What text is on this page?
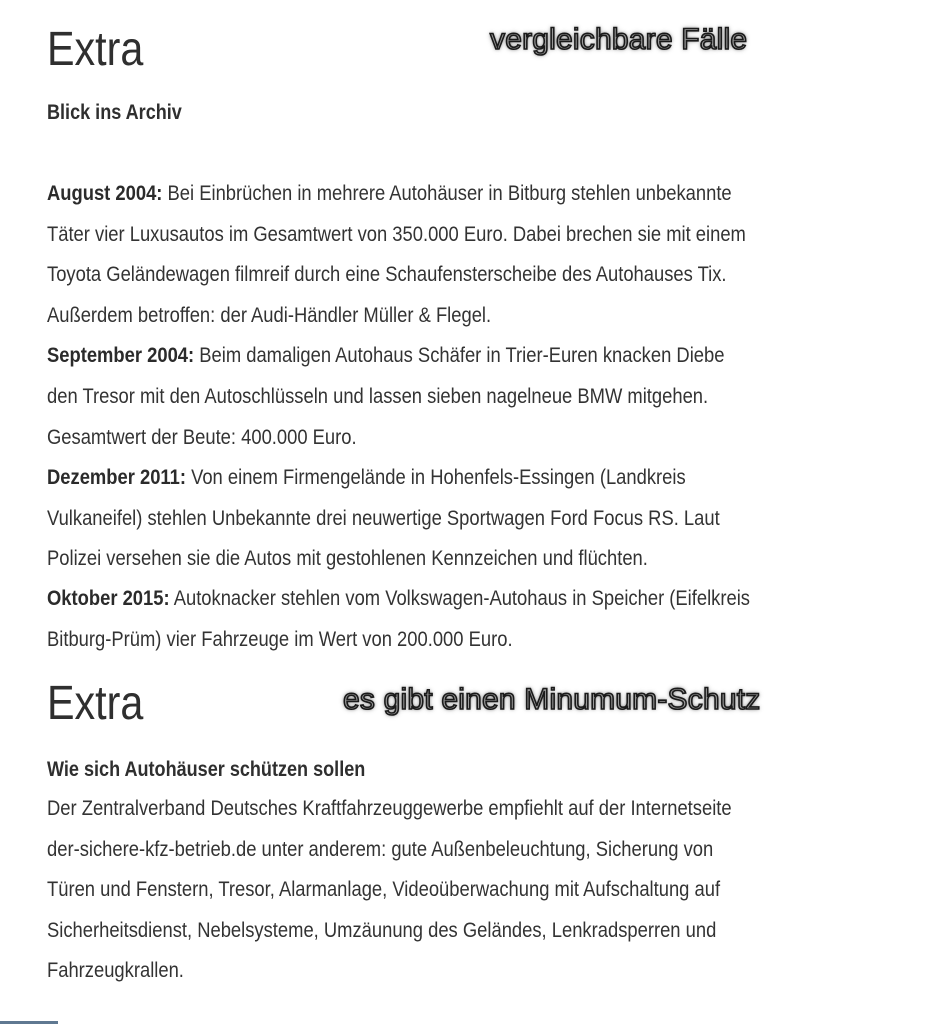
Extra
Blick ins Archiv
August 2004: Bei Einbrüchen in mehrere Autohäuser in Bitburg stehlen unbekannte
Täter vier Luxusautos im Gesamtwert von 350.000 Euro. Dabei brechen sie mit einem
Toyota Geländewagen filmreif durch eine Schaufensterscheibe des Autohauses Tix.
Außerdem betroffen: der Audi-Händler Müller & Flegel.
September 2004: Beim damaligen Autohaus Schäfer in Trier-Euren knacken Diebe
den Tresor mit den Autoschlüsseln und lassen sieben nagelneue BMW mitgehen.
Gesamtwert der Beute: 400.000 Euro.
Dezember 2011: Von einem Firmengelände in Hohenfels-Essingen (Landkreis
Vulkaneifel) stehlen Unbekannte drei neuwertige Sportwagen Ford Focus RS. Laut
Polizei versehen sie die Autos mit gestohlenen Kennzeichen und flüchten.
Oktober 2015: Autoknacker stehlen vom Volkswagen-Autohaus in Speicher (Eifelkreis
Bitburg-Prüm) vier Fahrzeuge im Wert von 200.000 Euro.
vergleichbare Fälle
Extra
Wie sich Autohäuser schützen sollen
Der Zentralverband Deutsches Kraftfahrzeuggewerbe empfiehlt auf der Internetseite
der-sichere-kfz-betrieb.de unter anderem: gute Außenbeleuchtung, Sicherung von
Türen und Fenstern, Tresor, Alarmanlage, Videoüberwachung mit Aufschaltung auf
Sicherheitsdienst, Nebelsysteme, Umzäunung des Geländes, Lenkradsperren und
Fahrzeugkrallen.
es gibt einen Minumum-Schutz
